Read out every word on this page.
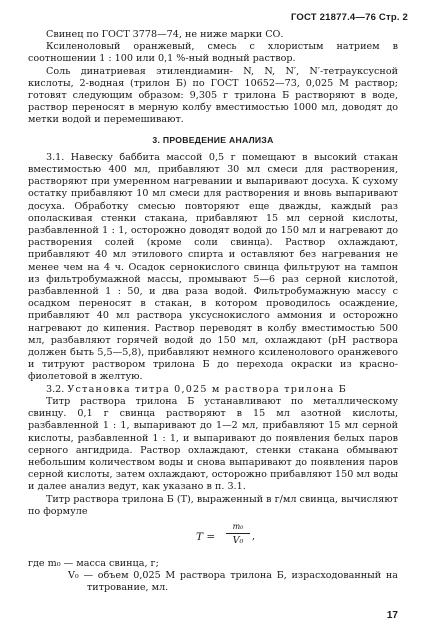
ГОСТ 21877.4—76 Стр. 2

Свинец по ГОСТ 3778—74, не ниже марки СО.

Ксиленоловый оранжевый, смесь с хлористым натрием в соотношении 1 : 100 или 0,1 %-ный водный раствор.

Соль динатриевая этилендиамин- N, N, N′, N′-тетрауксусной кислоты, 2-водная (трилон Б) по ГОСТ 10652—73, 0,025 М раствор; готовят следующим образом: 9,305 г трилона Б растворяют в воде, раствор переносят в мерную колбу вместимостью 1000 мл, доводят до метки водой и перемешивают.

3. ПРОВЕДЕНИЕ АНАЛИЗА

3.1. Навеску баббита массой 0,5 г помещают в высокий стакан вместимостью 400 мл, прибавляют 30 мл смеси для растворения, растворяют при умеренном нагревании и выпаривают досуха. К сухому остатку прибавляют 10 мл смеси для растворения и вновь выпаривают досуха. Обработку смесью повторяют еще дважды, каждый раз ополаскивая стенки стакана, прибавляют 15 мл серной кислоты, разбавленной 1 : 1, осторожно доводят водой до 150 мл и нагревают до растворения солей (кроме соли свинца). Раствор охлаждают, прибавляют 40 мл этилового спирта и оставляют без нагревания не менее чем на 4 ч. Осадок сернокислого свинца фильтруют на тампон из фильтробумажной массы, промывают 5—6 раз серной кислотой, разбавленной 1 : 50, и два раза водой. Фильтробумажную массу с осадком переносят в стакан, в котором проводилось осаждение, прибавляют 40 мл раствора уксуснокислого аммония и осторожно нагревают до кипения. Раствор переводят в колбу вместимостью 500 мл, разбавляют горячей водой до 150 мл, охлаждают (рН раствора должен быть 5,5—5,8), прибавляют немного ксиленолового оранжевого и титруют раствором трилона Б до перехода окраски из красно-фиолетовой в желтую.

3.2. Установка титра 0,025 м раствора трилона Б

Титр раствора трилона Б устанавливают по металлическому свинцу. 0,1 г свинца растворяют в 15 мл азотной кислоты, разбавленной 1 : 1, выпаривают до 1—2 мл, прибавляют 15 мл серной кислоты, разбавленной 1 : 1, и выпаривают до появления белых паров серного ангидрида. Раствор охлаждают, стенки стакана обмывают небольшим количеством воды и снова выпаривают до появления паров серной кислоты, затем охлаждают, осторожно прибавляют 150 мл воды и далее анализ ведут, как указано в п. 3.1.

Титр раствора трилона Б (T), выраженный в г/мл свинца, вычисляют по формуле

T =
m₀
V₀ ,

где m₀ — масса свинца, г;

V₀ — объем 0,025 М раствора трилона Б, израсходованный на титрование, мл.

17
